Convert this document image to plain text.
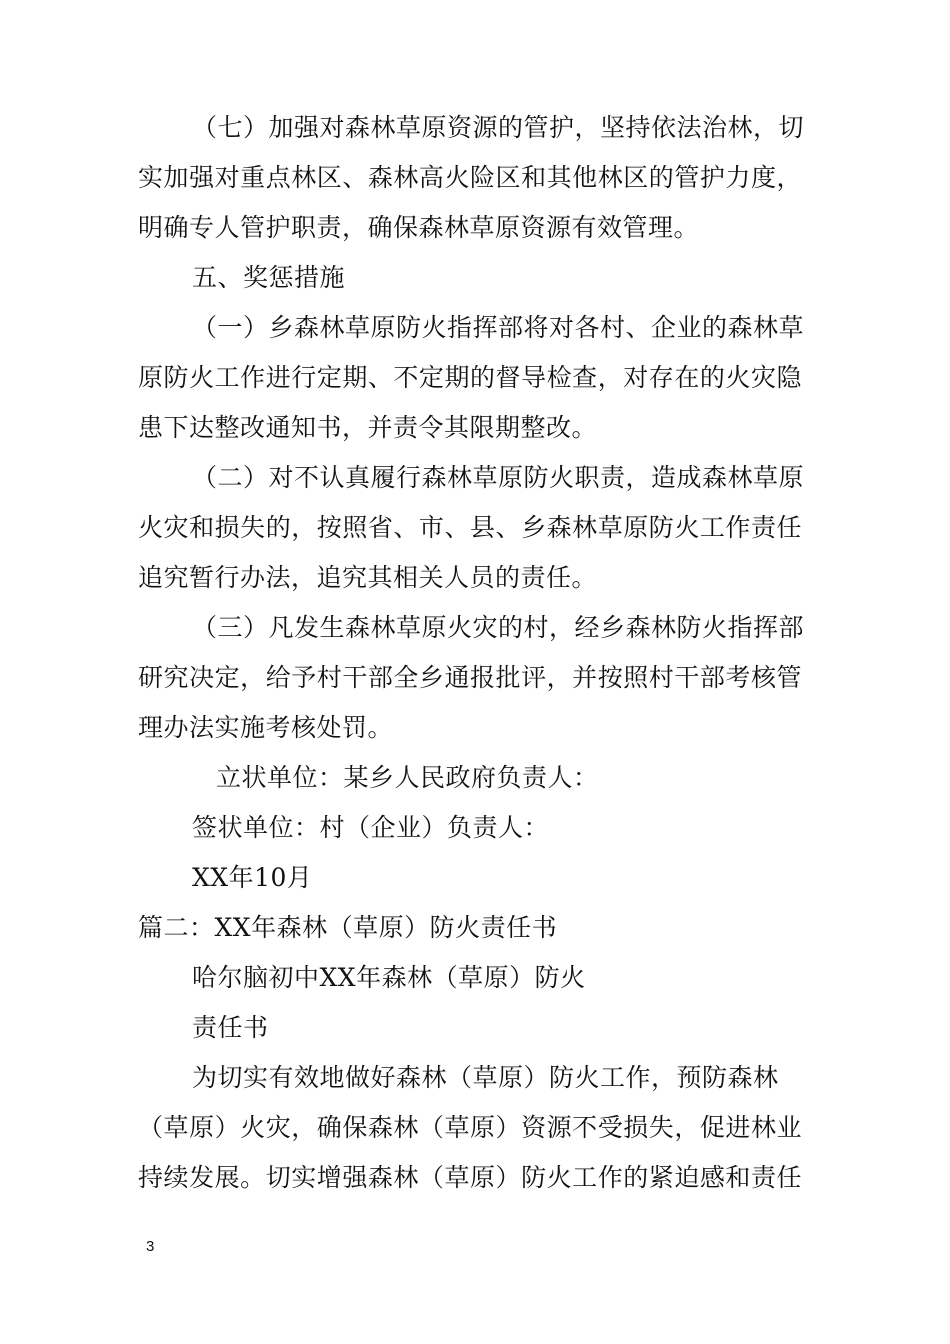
（七）加强对森林草原资源的管护，坚持依法治林，切
实加强对重点林区、森林高火险区和其他林区的管护力度，
明确专人管护职责，确保森林草原资源有效管理。
五、奖惩措施
（一）乡森林草原防火指挥部将对各村、企业的森林草
原防火工作进行定期、不定期的督导检查，对存在的火灾隐
患下达整改通知书，并责令其限期整改。
（二）对不认真履行森林草原防火职责，造成森林草原
火灾和损失的，按照省、市、县、乡森林草原防火工作责任
追究暂行办法，追究其相关人员的责任。
（三）凡发生森林草原火灾的村，经乡森林防火指挥部
研究决定，给予村干部全乡通报批评，并按照村干部考核管
理办法实施考核处罚。
立状单位：某乡人民政府负责人：
签状单位：村（企业）负责人：
XX年10月
篇二：XX年森林（草原）防火责任书
哈尔脑初中XX年森林（草原）防火
责任书
为切实有效地做好森林（草原）防火工作，预防森林
（草原）火灾，确保森林（草原）资源不受损失，促进林业
持续发展。切实增强森林（草原）防火工作的紧迫感和责任
3
